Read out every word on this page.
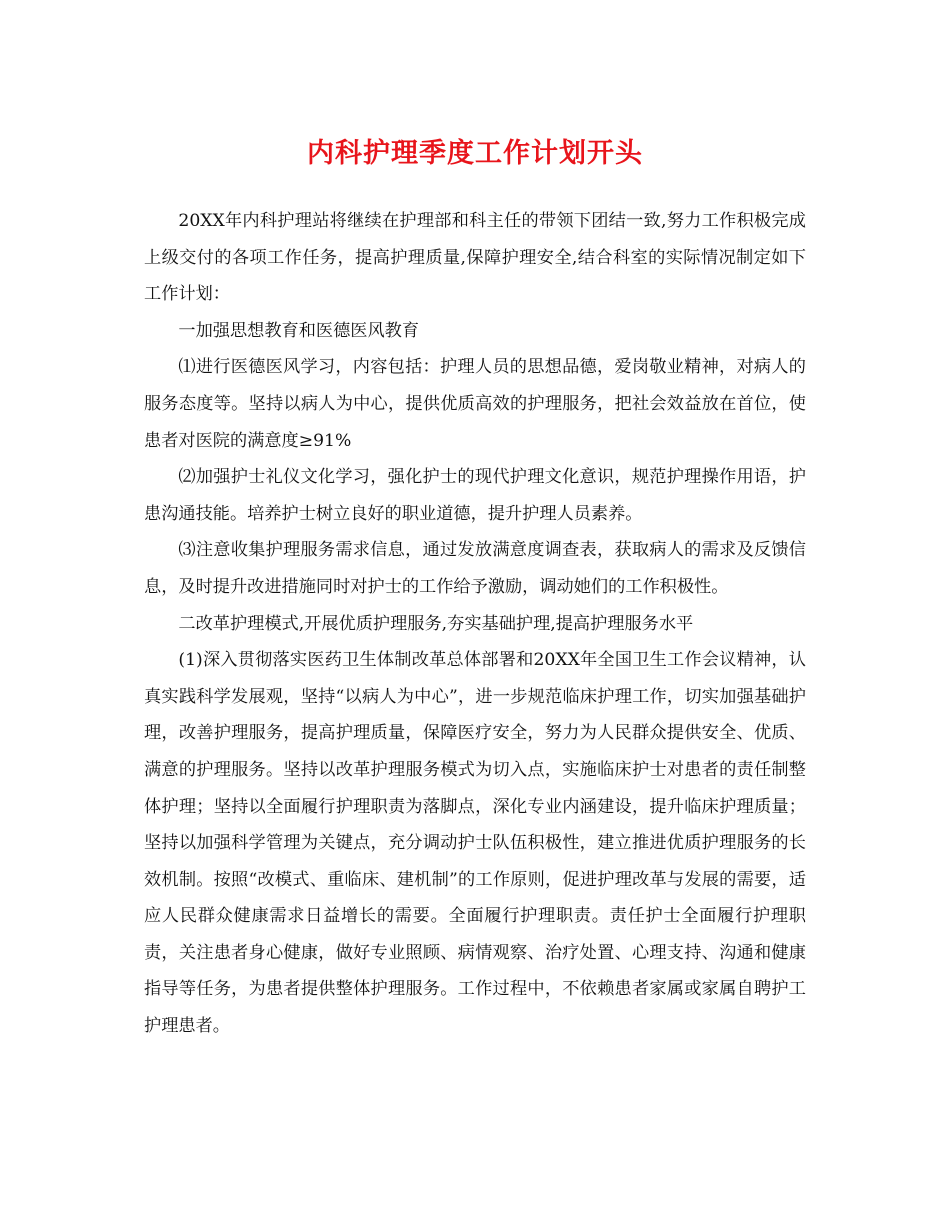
内科护理季度工作计划开头

20XX年内科护理站将继续在护理部和科主任的带领下团结一致,努力工作积极完成上级交付的各项工作任务，提高护理质量,保障护理安全,结合科室的实际情况制定如下工作计划：

一加强思想教育和医德医风教育

⑴进行医德医风学习，内容包括：护理人员的思想品德，爱岗敬业精神，对病人的服务态度等。坚持以病人为中心，提供优质高效的护理服务，把社会效益放在首位，使患者对医院的满意度≥91%

⑵加强护士礼仪文化学习，强化护士的现代护理文化意识，规范护理操作用语，护患沟通技能。培养护士树立良好的职业道德，提升护理人员素养。

⑶注意收集护理服务需求信息，通过发放满意度调查表，获取病人的需求及反馈信息，及时提升改进措施同时对护士的工作给予激励，调动她们的工作积极性。

二改革护理模式,开展优质护理服务,夯实基础护理,提高护理服务水平

(1)深入贯彻落实医药卫生体制改革总体部署和20XX年全国卫生工作会议精神，认真实践科学发展观，坚持“以病人为中心”，进一步规范临床护理工作，切实加强基础护理，改善护理服务，提高护理质量，保障医疗安全，努力为人民群众提供安全、优质、满意的护理服务。坚持以改革护理服务模式为切入点，实施临床护士对患者的责任制整体护理；坚持以全面履行护理职责为落脚点，深化专业内涵建设，提升临床护理质量；坚持以加强科学管理为关键点，充分调动护士队伍积极性，建立推进优质护理服务的长效机制。按照“改模式、重临床、建机制”的工作原则，促进护理改革与发展的需要，适应人民群众健康需求日益增长的需要。全面履行护理职责。责任护士全面履行护理职责，关注患者身心健康，做好专业照顾、病情观察、治疗处置、心理支持、沟通和健康指导等任务，为患者提供整体护理服务。工作过程中，不依赖患者家属或家属自聘护工护理患者。
